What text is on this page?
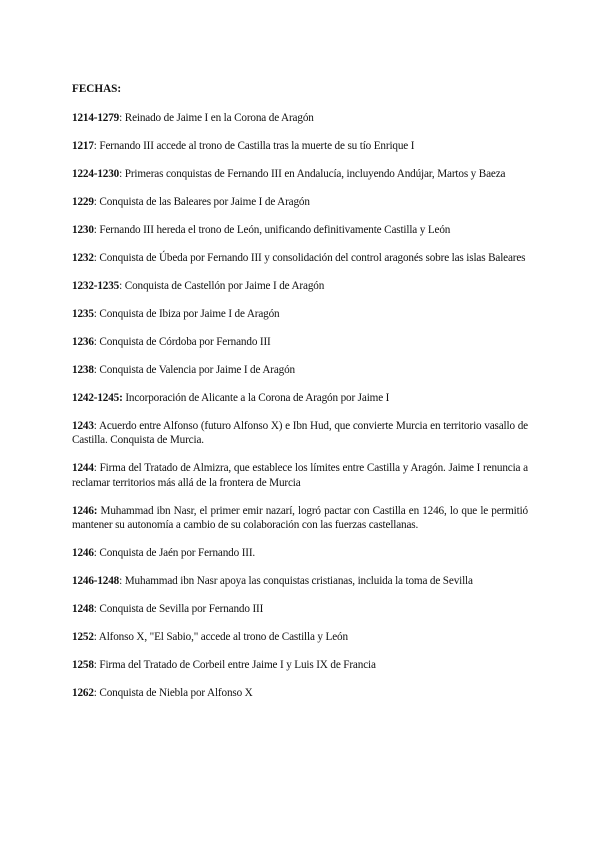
FECHAS:

1214-1279: Reinado de Jaime I en la Corona de Aragón

1217: Fernando III accede al trono de Castilla tras la muerte de su tío Enrique I

1224-1230: Primeras conquistas de Fernando III en Andalucía, incluyendo Andújar, Martos y Baeza

1229: Conquista de las Baleares por Jaime I de Aragón

1230: Fernando III hereda el trono de León, unificando definitivamente Castilla y León

1232: Conquista de Úbeda por Fernando III y consolidación del control aragonés sobre las islas Baleares

1232-1235: Conquista de Castellón por Jaime I de Aragón

1235: Conquista de Ibiza por Jaime I de Aragón

1236: Conquista de Córdoba por Fernando III

1238: Conquista de Valencia por Jaime I de Aragón

1242-1245: Incorporación de Alicante a la Corona de Aragón por Jaime I

1243: Acuerdo entre Alfonso (futuro Alfonso X) e Ibn Hud, que convierte Murcia en territorio vasallo de Castilla. Conquista de Murcia.

1244: Firma del Tratado de Almizra, que establece los límites entre Castilla y Aragón. Jaime I renuncia a reclamar territorios más allá de la frontera de Murcia

1246: Muhammad ibn Nasr, el primer emir nazarí, logró pactar con Castilla en 1246, lo que le permitió mantener su autonomía a cambio de su colaboración con las fuerzas castellanas.

1246: Conquista de Jaén por Fernando III.

1246-1248: Muhammad ibn Nasr apoya las conquistas cristianas, incluida la toma de Sevilla

1248: Conquista de Sevilla por Fernando III

1252: Alfonso X, "El Sabio," accede al trono de Castilla y León

1258: Firma del Tratado de Corbeil entre Jaime I y Luis IX de Francia

1262: Conquista de Niebla por Alfonso X
